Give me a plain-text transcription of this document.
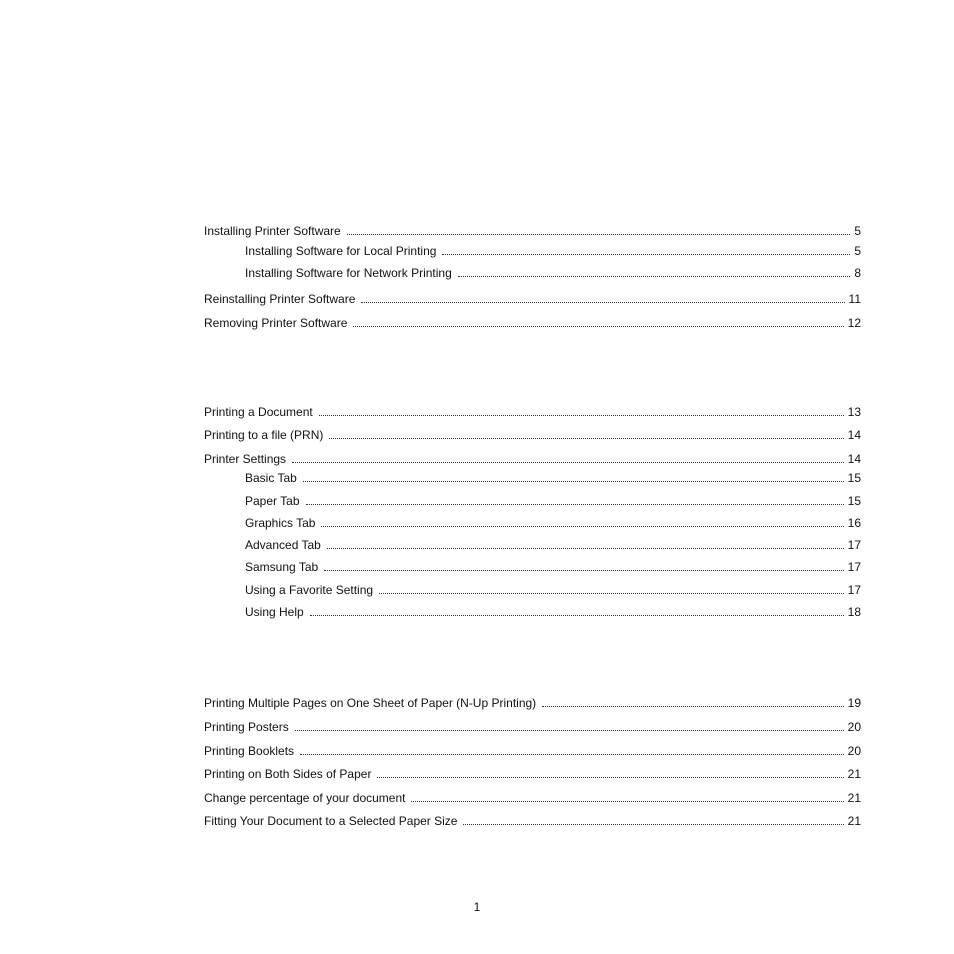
Installing Printer Software	5
Installing Software for Local Printing	5
Installing Software for Network Printing	8
Reinstalling Printer Software	11
Removing Printer Software	12
Printing a Document	13
Printing to a file (PRN)	14
Printer Settings	14
Basic Tab	15
Paper Tab	15
Graphics Tab	16
Advanced Tab	17
Samsung Tab	17
Using a Favorite Setting	17
Using Help	18
Printing Multiple Pages on One Sheet of Paper (N-Up Printing)	19
Printing Posters	20
Printing Booklets	20
Printing on Both Sides of Paper	21
Change percentage of your document	21
Fitting Your Document to a Selected Paper Size	21
1
